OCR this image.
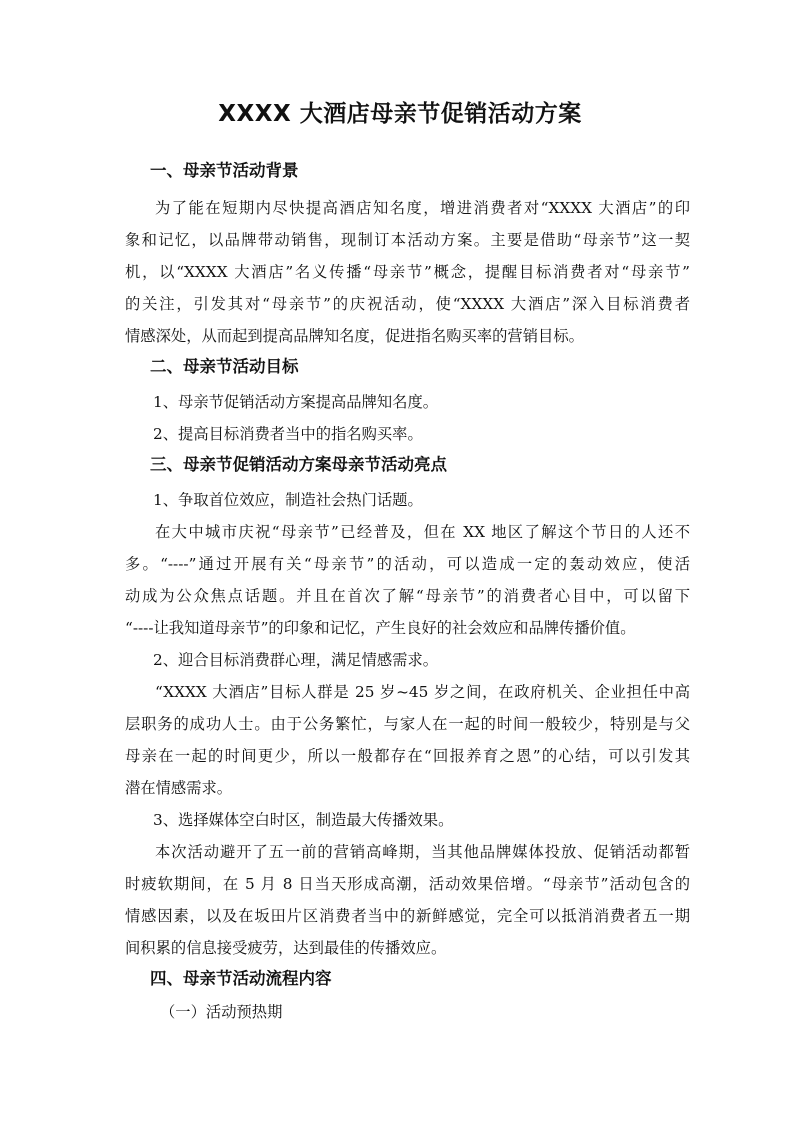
XXXX 大酒店母亲节促销活动方案
一、母亲节活动背景
为了能在短期内尽快提高酒店知名度，增进消费者对“XXXX 大酒店”的印
象和记忆，以品牌带动销售，现制订本活动方案。主要是借助“母亲节”这一契
机，以“XXXX 大酒店”名义传播“母亲节”概念，提醒目标消费者对“母亲节”
的关注，引发其对“母亲节”的庆祝活动，使“XXXX 大酒店”深入目标消费者
情感深处，从而起到提高品牌知名度，促进指名购买率的营销目标。
二、母亲节活动目标
1、母亲节促销活动方案提高品牌知名度。
2、提高目标消费者当中的指名购买率。
三、母亲节促销活动方案母亲节活动亮点
1、争取首位效应，制造社会热门话题。
在大中城市庆祝“母亲节”已经普及，但在 XX 地区了解这个节日的人还不
多。“----”通过开展有关“母亲节”的活动，可以造成一定的轰动效应，使活
动成为公众焦点话题。并且在首次了解“母亲节”的消费者心目中，可以留下
“----让我知道母亲节”的印象和记忆，产生良好的社会效应和品牌传播价值。
2、迎合目标消费群心理，满足情感需求。
“XXXX 大酒店”目标人群是 25 岁~45 岁之间，在政府机关、企业担任中高
层职务的成功人士。由于公务繁忙，与家人在一起的时间一般较少，特别是与父
母亲在一起的时间更少，所以一般都存在“回报养育之恩”的心结，可以引发其
潜在情感需求。
3、选择媒体空白时区，制造最大传播效果。
本次活动避开了五一前的营销高峰期，当其他品牌媒体投放、促销活动都暂
时疲软期间，在 5 月 8 日当天形成高潮，活动效果倍增。“母亲节”活动包含的
情感因素，以及在坂田片区消费者当中的新鲜感觉，完全可以抵消消费者五一期
间积累的信息接受疲劳，达到最佳的传播效应。
四、母亲节活动流程内容
（一）活动预热期
